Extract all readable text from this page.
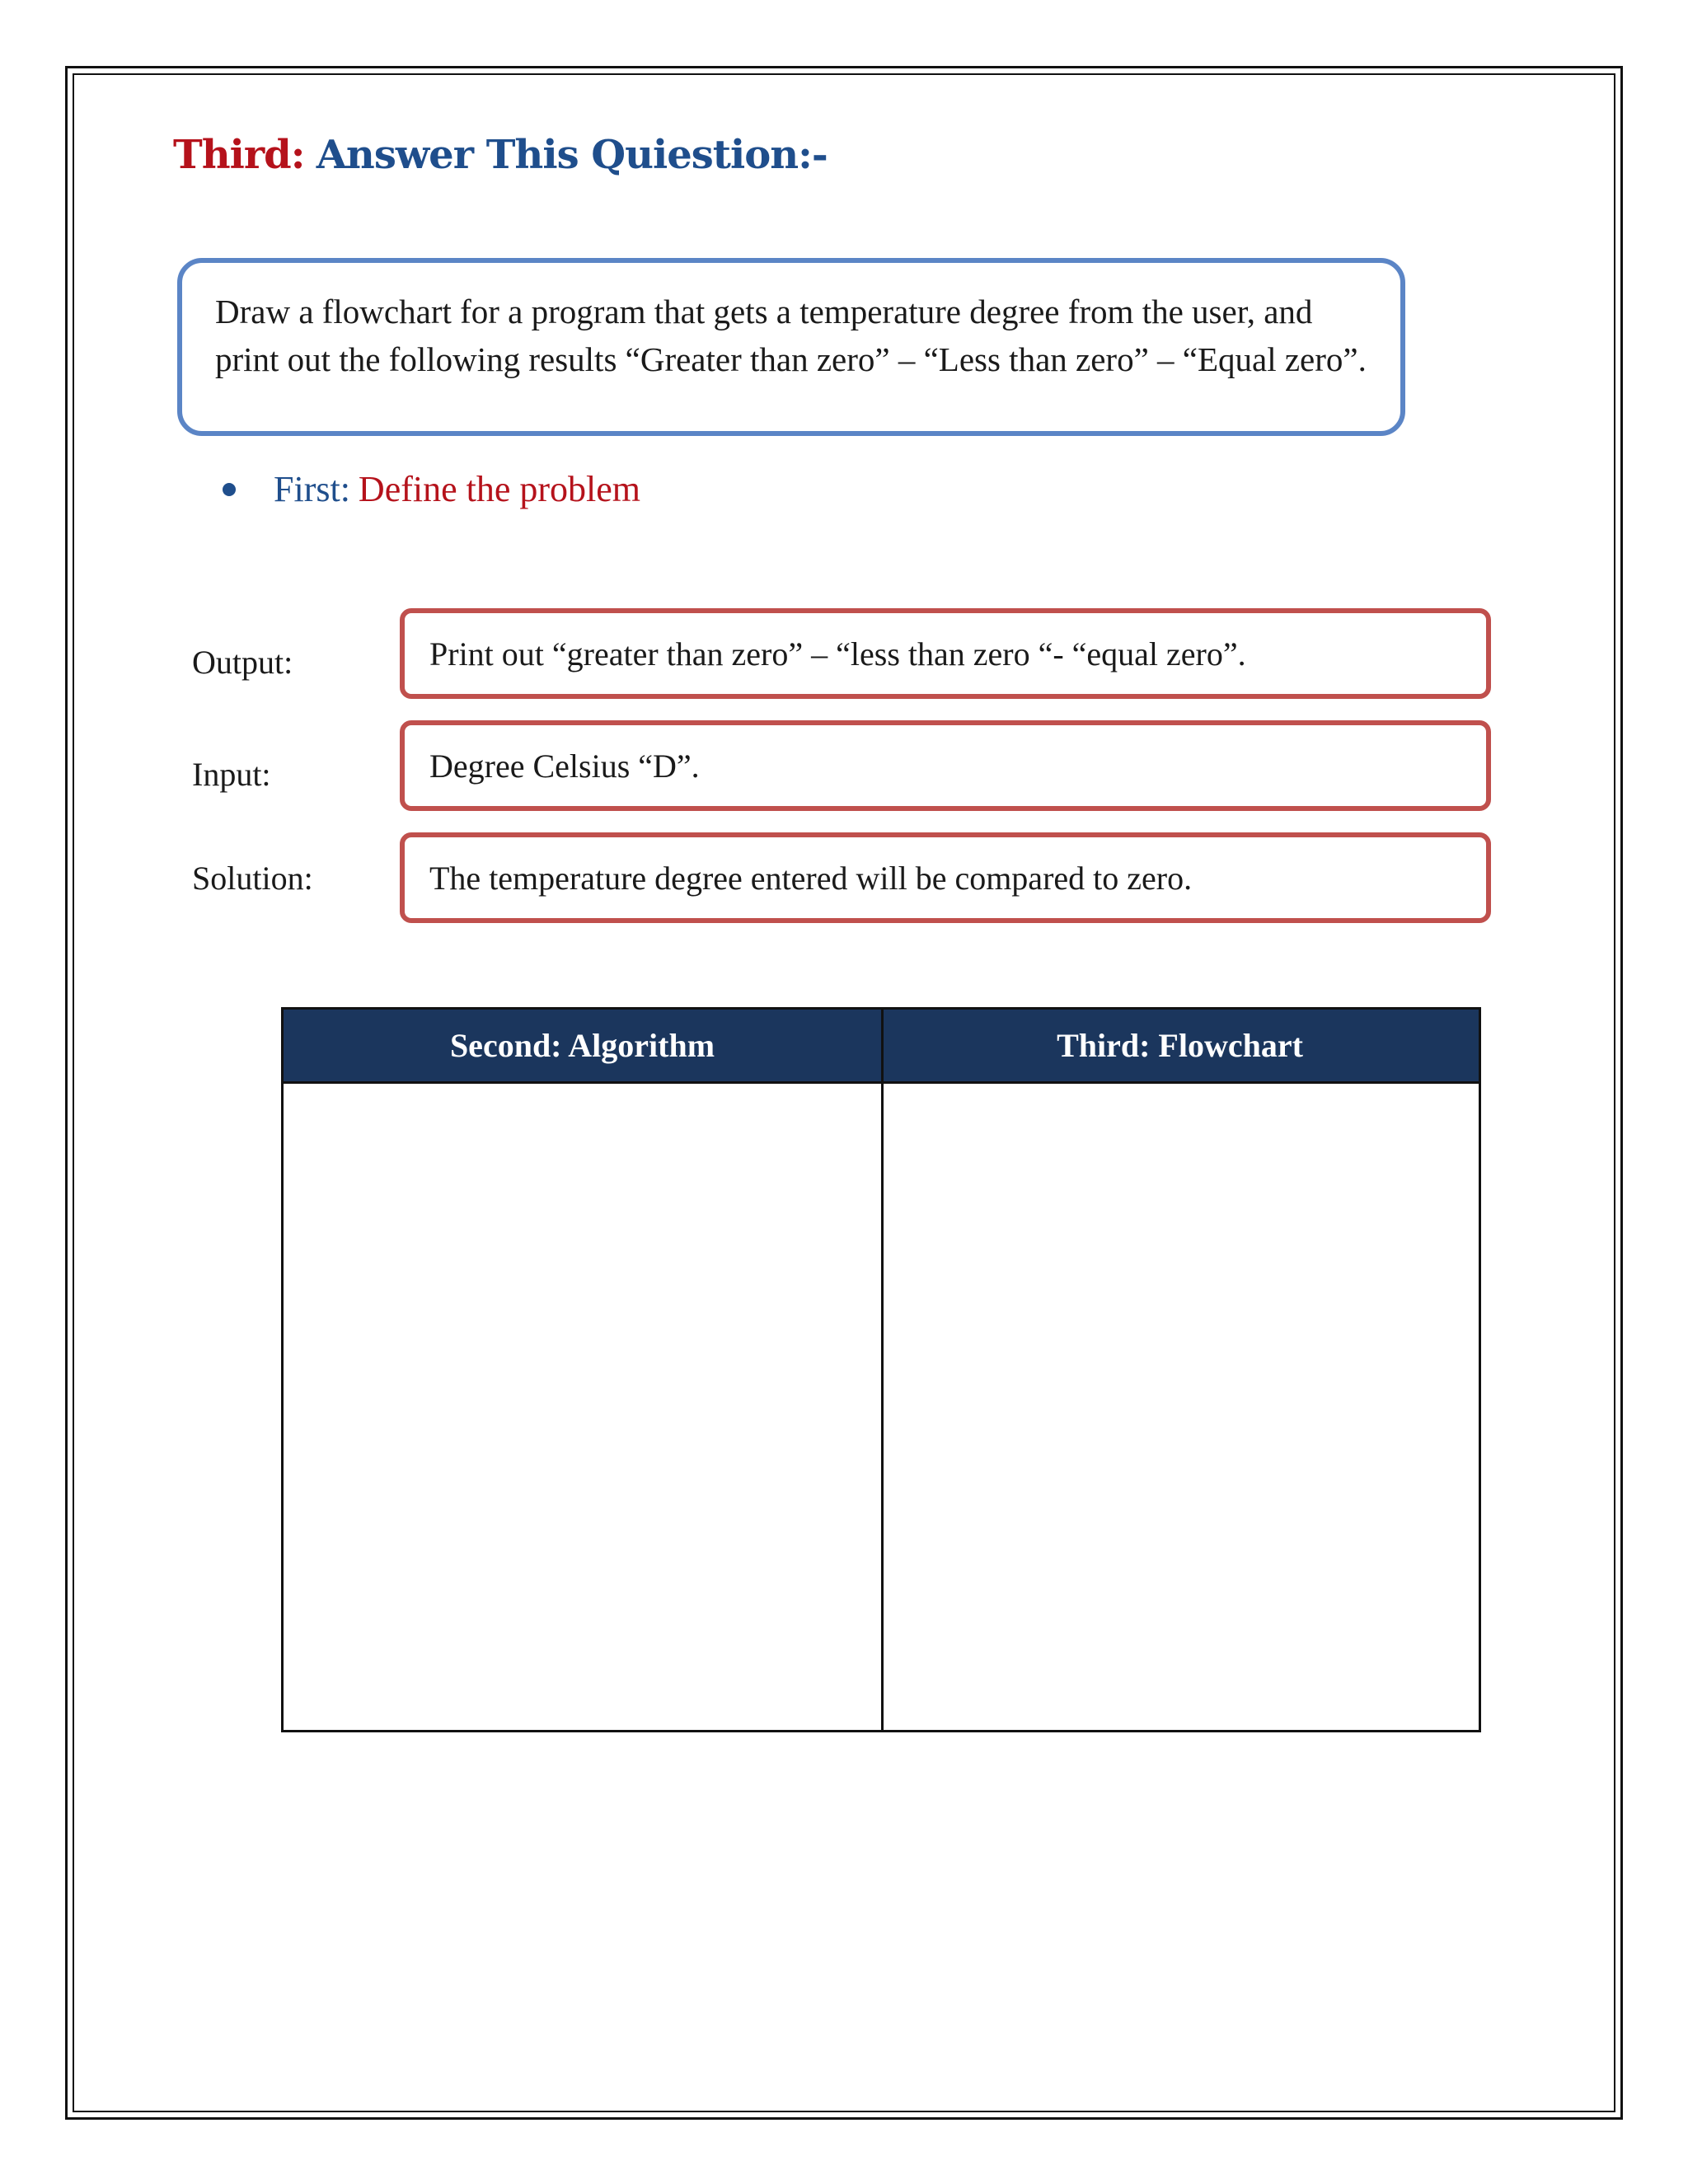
Third: Answer This Quiestion:-
Draw a flowchart for a program that gets a temperature degree from the user, and print out the following results “Greater than zero” – “Less than zero” – “Equal zero”.
First: Define the problem
Output:	Print out “greater than zero” – “less than zero “- “equal zero”.
Input:	Degree Celsius “D”.
Solution:	The temperature degree entered will be compared to zero.
Second: Algorithm	Third: Flowchart
